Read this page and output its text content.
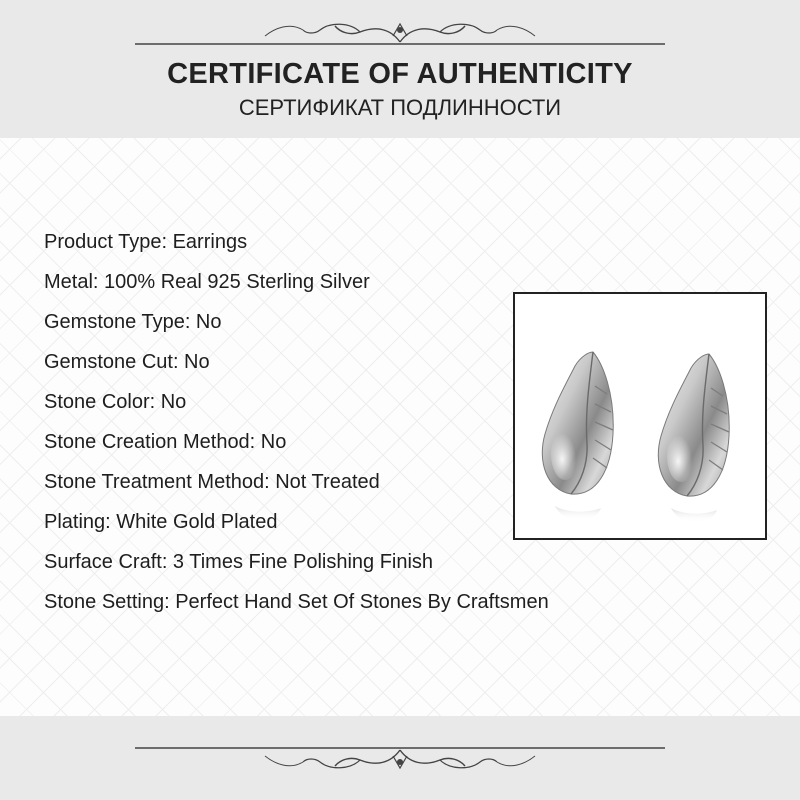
CERTIFICATE OF AUTHENTICITY
СЕРТИФИКАТ ПОДЛИННОСТИ
Product Type: Earrings
Metal: 100% Real 925 Sterling Silver
Gemstone Type: No
Gemstone Cut: No
Stone Color: No
Stone Creation Method: No
Stone Treatment Method: Not Treated
Plating: White Gold Plated
Surface Craft: 3 Times Fine Polishing Finish
Stone Setting: Perfect Hand Set Of Stones By Craftsmen
